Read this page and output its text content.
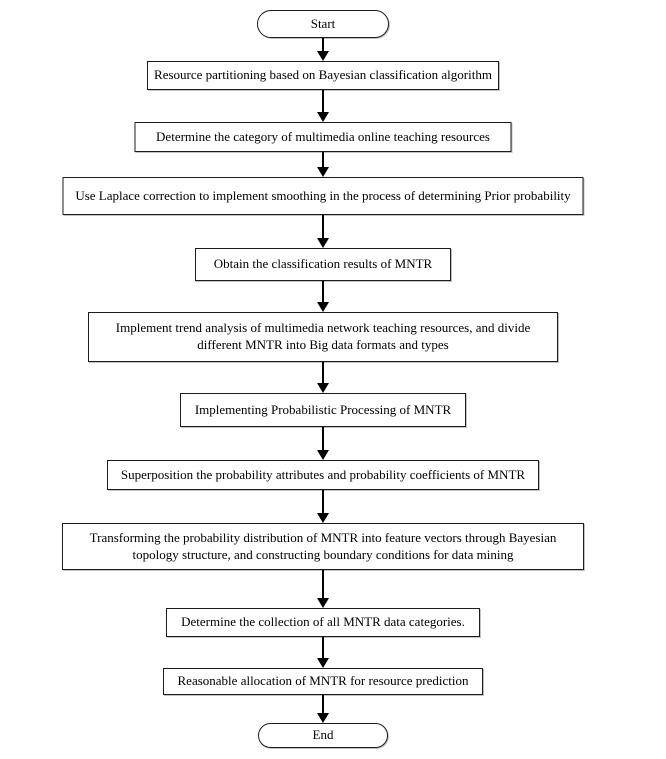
Start
Resource partitioning based on Bayesian classification algorithm
Determine the category of multimedia online teaching resources
Use Laplace correction to implement smoothing in the process of determining Prior probability
Obtain the classification results of MNTR
Implement trend analysis of multimedia network teaching resources, and divide different MNTR into Big data formats and types
Implementing Probabilistic Processing of MNTR
Superposition the probability attributes and probability coefficients of MNTR
Transforming the probability distribution of MNTR into feature vectors through Bayesian topology structure, and constructing boundary conditions for data mining
Determine the collection of all MNTR data categories.
Reasonable allocation of MNTR for resource prediction
End
